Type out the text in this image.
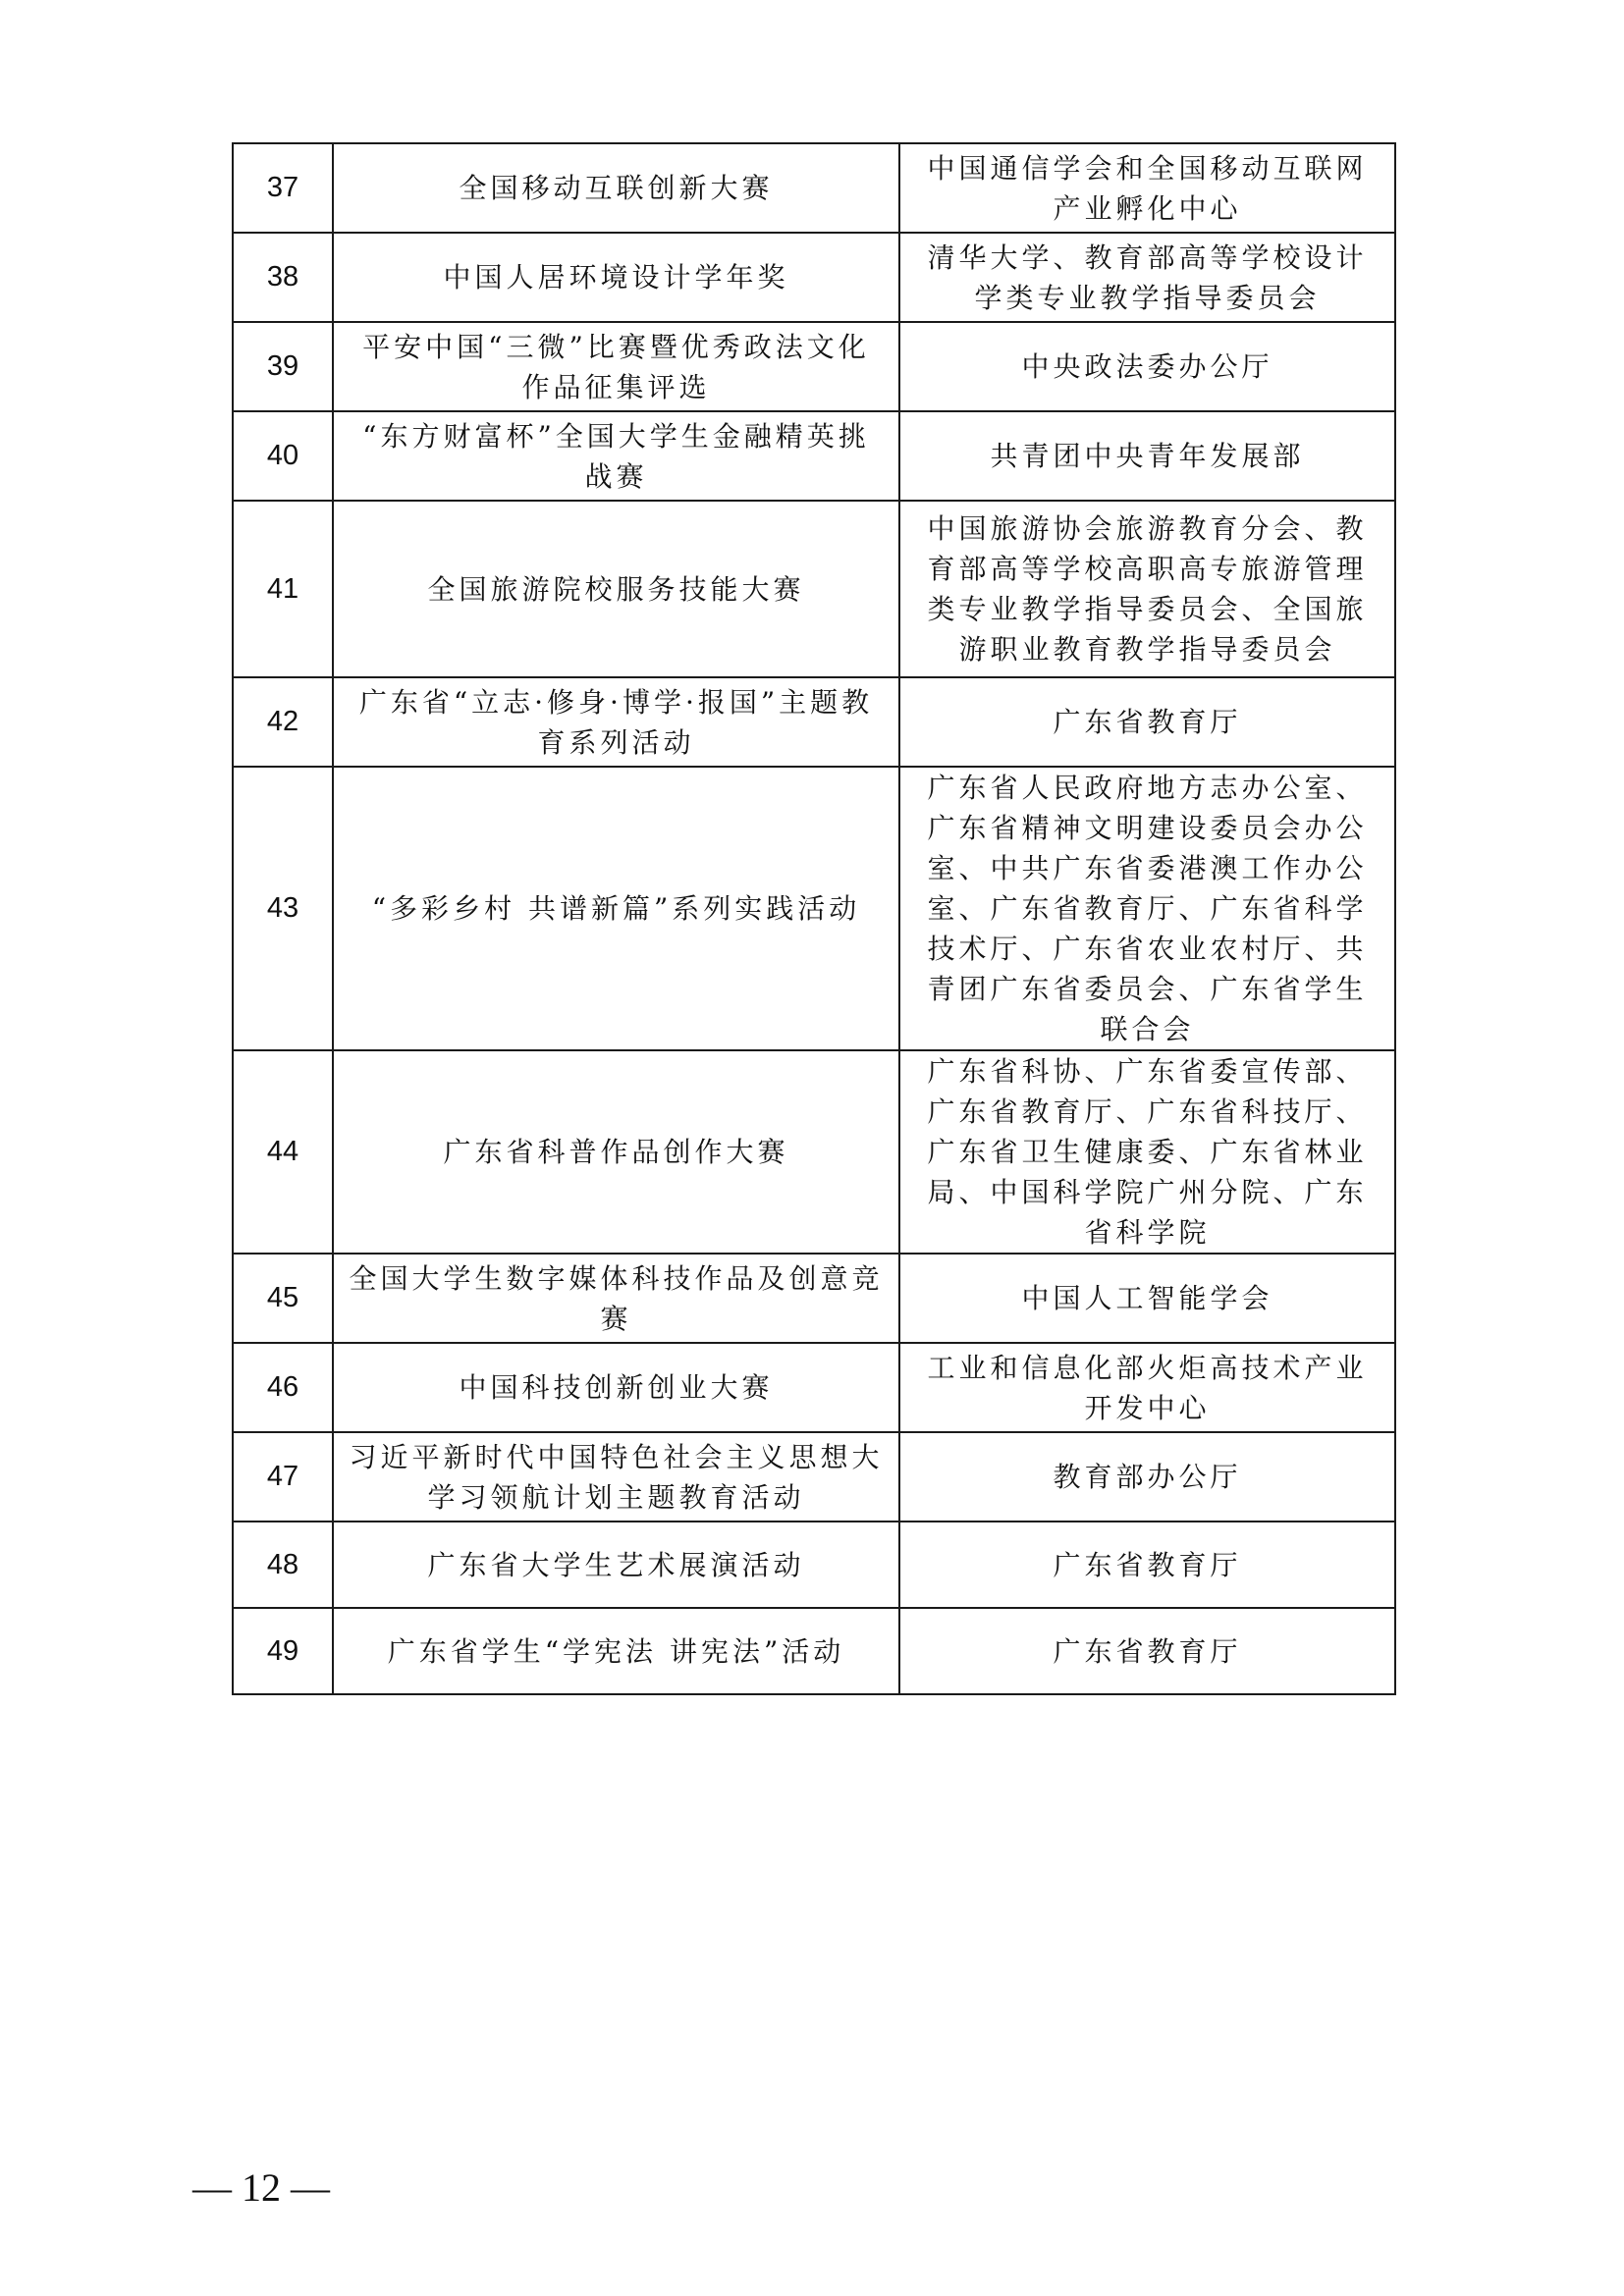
37	全国移动互联创新大赛	中国通信学会和全国移动互联网产业孵化中心
38	中国人居环境设计学年奖	清华大学、教育部高等学校设计学类专业教学指导委员会
39	平安中国“三微”比赛暨优秀政法文化作品征集评选	中央政法委办公厅
40	“东方财富杯”全国大学生金融精英挑战赛	共青团中央青年发展部
41	全国旅游院校服务技能大赛	中国旅游协会旅游教育分会、教育部高等学校高职高专旅游管理类专业教学指导委员会、全国旅游职业教育教学指导委员会
42	广东省“立志·修身·博学·报国”主题教育系列活动	广东省教育厅
43	“多彩乡村 共谱新篇”系列实践活动	广东省人民政府地方志办公室、广东省精神文明建设委员会办公室、中共广东省委港澳工作办公室、广东省教育厅、广东省科学技术厅、广东省农业农村厅、共青团广东省委员会、广东省学生联合会
44	广东省科普作品创作大赛	广东省科协、广东省委宣传部、广东省教育厅、广东省科技厅、广东省卫生健康委、广东省林业局、中国科学院广州分院、广东省科学院
45	全国大学生数字媒体科技作品及创意竞赛	中国人工智能学会
46	中国科技创新创业大赛	工业和信息化部火炬高技术产业开发中心
47	习近平新时代中国特色社会主义思想大学习领航计划主题教育活动	教育部办公厅
48	广东省大学生艺术展演活动	广东省教育厅
49	广东省学生“学宪法 讲宪法”活动	广东省教育厅
— 12 —
